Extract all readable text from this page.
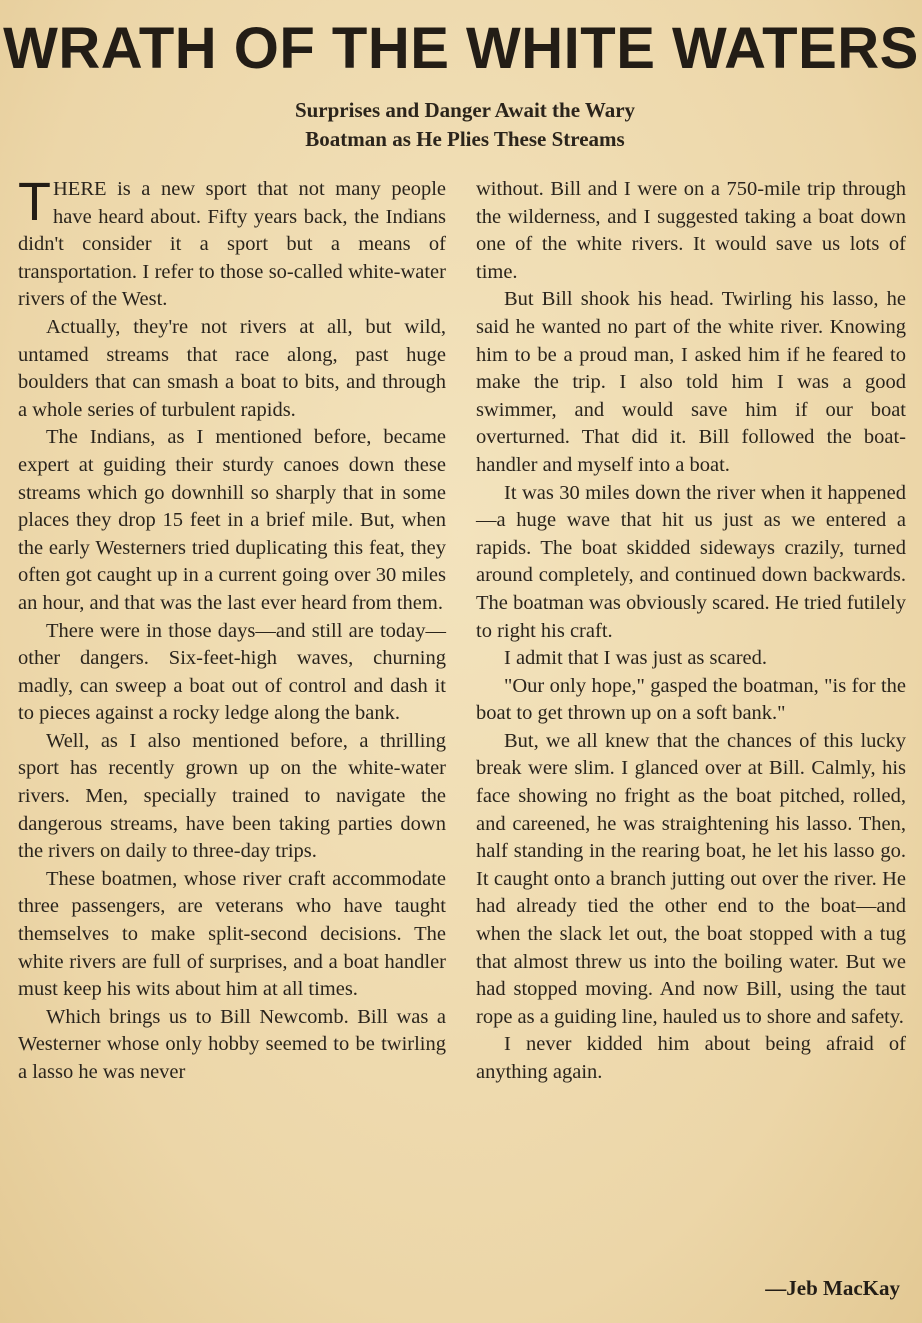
WRATH OF THE WHITE WATERS
Surprises and Danger Await the Wary
Boatman as He Plies These Streams

THERE is a new sport that not many people have heard about. Fifty years back, the Indians didn't consider it a sport but a means of transportation. I refer to those so-called white-water rivers of the West.

Actually, they're not rivers at all, but wild, untamed streams that race along, past huge boulders that can smash a boat to bits, and through a whole series of turbulent rapids.

The Indians, as I mentioned before, became expert at guiding their sturdy canoes down these streams which go downhill so sharply that in some places they drop 15 feet in a brief mile. But, when the early Westerners tried duplicating this feat, they often got caught up in a current going over 30 miles an hour, and that was the last ever heard from them.

There were in those days—and still are today—other dangers. Six-feet-high waves, churning madly, can sweep a boat out of control and dash it to pieces against a rocky ledge along the bank.

Well, as I also mentioned before, a thrilling sport has recently grown up on the white-water rivers. Men, specially trained to navigate the dangerous streams, have been taking parties down the rivers on daily to three-day trips.

These boatmen, whose river craft accommodate three passengers, are veterans who have taught themselves to make split-second decisions. The white rivers are full of surprises, and a boat handler must keep his wits about him at all times.

Which brings us to Bill Newcomb. Bill was a Westerner whose only hobby seemed to be twirling a lasso he was never

without. Bill and I were on a 750-mile trip through the wilderness, and I suggested taking a boat down one of the white rivers. It would save us lots of time.

But Bill shook his head. Twirling his lasso, he said he wanted no part of the white river. Knowing him to be a proud man, I asked him if he feared to make the trip. I also told him I was a good swimmer, and would save him if our boat overturned. That did it. Bill followed the boat-handler and myself into a boat.

It was 30 miles down the river when it happened—a huge wave that hit us just as we entered a rapids. The boat skidded sideways crazily, turned around completely, and continued down backwards. The boatman was obviously scared. He tried futilely to right his craft.

I admit that I was just as scared.

"Our only hope," gasped the boatman, "is for the boat to get thrown up on a soft bank."

But, we all knew that the chances of this lucky break were slim. I glanced over at Bill. Calmly, his face showing no fright as the boat pitched, rolled, and careened, he was straightening his lasso. Then, half standing in the rearing boat, he let his lasso go. It caught onto a branch jutting out over the river. He had already tied the other end to the boat—and when the slack let out, the boat stopped with a tug that almost threw us into the boiling water. But we had stopped moving. And now Bill, using the taut rope as a guiding line, hauled us to shore and safety.

I never kidded him about being afraid of anything again.

—Jeb MacKay
